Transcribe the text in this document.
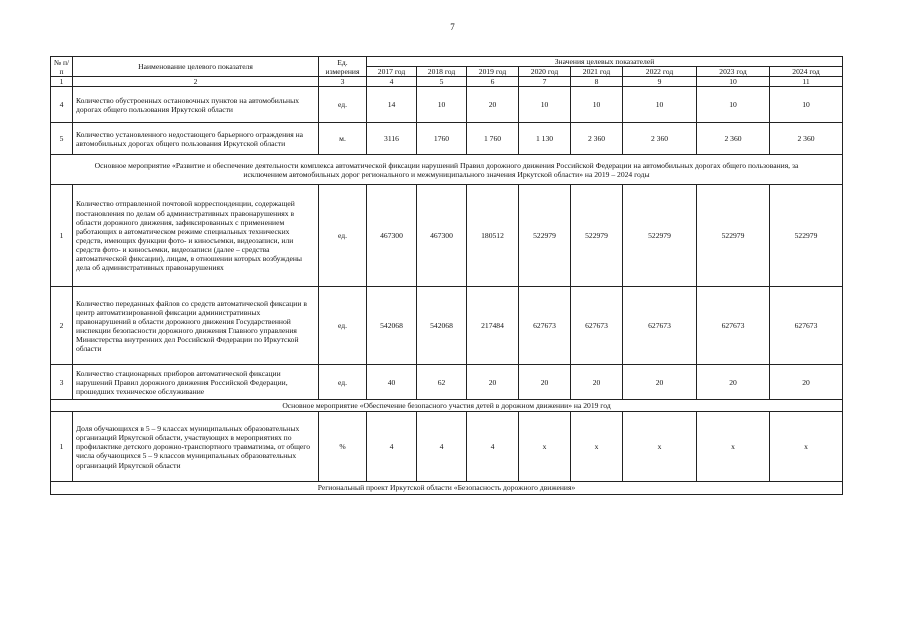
7
№ п/п	Наименование целевого показателя	Ед. измерения	Значения целевых показателей							
			2017 год	2018 год	2019 год	2020 год	2021 год	2022 год	2023 год	2024 год
1	2	3	4	5	6	7	8	9	10	11
4	Количество обустроенных остановочных пунктов на автомобильных дорогах общего пользования Иркутской области	ед.	14	10	20	10	10	10	10	10
5	Количество установленного недостающего барьерного ограждения на автомобильных дорогах общего пользования Иркутской области	м.	3116	1760	1 760	1 130	2 360	2 360	2 360	2 360
Основное мероприятие «Развитие и обеспечение деятельности комплекса автоматической фиксации нарушений Правил дорожного движения Российской Федерации на автомобильных дорогах общего пользования, за исключением автомобильных дорог регионального и межмуниципального значения Иркутской области» на 2019 – 2024 годы										
1	Количество отправленной почтовой корреспонденции, содержащей постановления по делам об административных правонарушениях в области дорожного движения, зафиксированных с применением работающих в автоматическом режиме специальных технических средств, имеющих функции фото- и киносъемки, видеозаписи, или средств фото- и киносъемки, видеозаписи (далее – средства автоматической фиксации), лицам, в отношении которых возбуждены дела об административных правонарушениях	ед.	467300	467300	180512	522979	522979	522979	522979	522979
2	Количество переданных файлов со средств автоматической фиксации в центр автоматизированной фиксации административных правонарушений в области дорожного движения Государственной инспекции безопасности дорожного движения Главного управления Министерства внутренних дел Российской Федерации по Иркутской области	ед.	542068	542068	217484	627673	627673	627673	627673	627673
3	Количество стационарных приборов автоматической фиксации нарушений Правил дорожного движения Российской Федерации, прошедших техническое обслуживание	ед.	40	62	20	20	20	20	20	20
Основное мероприятие «Обеспечение безопасного участия детей в дорожном движении» на 2019 год										
1	Доля обучающихся в 5 – 9 классах муниципальных образовательных организаций Иркутской области, участвующих в мероприятиях по профилактике детского дорожно-транспортного травматизма, от общего числа обучающихся 5 – 9 классов муниципальных образовательных организаций Иркутской области	%	4	4	4	х	х	х	х	х
Региональный проект Иркутской области «Безопасность дорожного движения»										
